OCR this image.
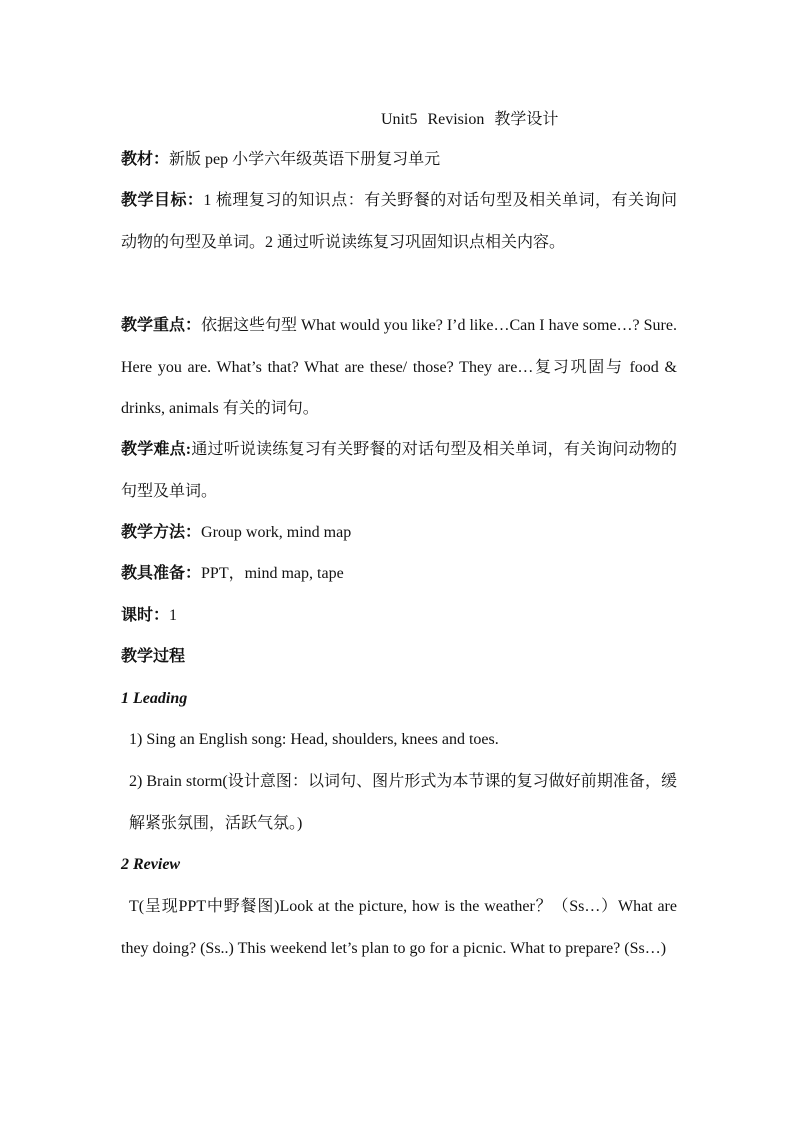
Unit5 Revision 教学设计

教材：新版 pep 小学六年级英语下册复习单元

教学目标：1 梳理复习的知识点：有关野餐的对话句型及相关单词，有关询问动物的句型及单词。2 通过听说读练复习巩固知识点相关内容。

教学重点：依据这些句型 What would you like? I’d like…Can I have some…? Sure. Here you are. What’s that? What are these/ those? They are…复习巩固与 food & drinks, animals 有关的词句。

教学难点:通过听说读练复习有关野餐的对话句型及相关单词，有关询问动物的句型及单词。

教学方法：Group work, mind map

教具准备：PPT，mind map, tape

课时：1

教学过程

1 Leading

1) Sing an English song: Head, shoulders, knees and toes.

2) Brain storm(设计意图：以词句、图片形式为本节课的复习做好前期准备，缓解紧张氛围，活跃气氛。)

2 Review

T(呈现PPT中野餐图)Look at the picture, how is the weather？（Ss…）What are they doing? (Ss..) This weekend let’s plan to go for a picnic. What to prepare? (Ss…)
